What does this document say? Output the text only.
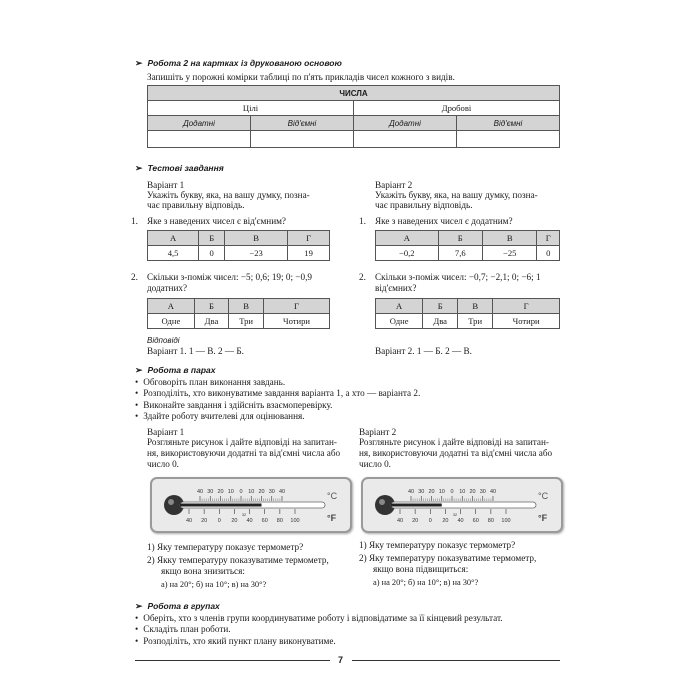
➢ Робота 2 на картках із друкованою основою
Запишіть у порожні комірки таблиці по п'ять прикладів чисел кожного з видів.
ЧИСЛА			
Цілі		Дробові	
Додатні	Від'ємні	Додатні	Від'ємні

➢ Тестові завдання
Варіант 1
Укажіть букву, яка, на вашу думку, позна-
чає правильну відповідь.
1. Яке з наведених чисел є від'ємним?
А	Б	В	Г
4,5	0	−23	19
2. Скільки з-поміж чисел: −5; 0,6; 19; 0; −0,9
додатних?
А	Б	В	Г
Одне	Два	Три	Чотири
Відповіді
Варіант 1. 1 — В. 2 — Б.
Варіант 2
Укажіть букву, яка, на вашу думку, позна-
чає правильну відповідь.
1. Яке з наведених чисел є додатним?
А	Б	В	Г
−0,2	7,6	−25	0
2. Скільки з-поміж чисел: −0,7; −2,1; 0; −6; 1
від'ємних?
А	Б	В	Г
Одне	Два	Три	Чотири
Варіант 2. 1 — Б. 2 — В.
➢ Робота в парах
• Обговоріть план виконання завдань.
• Розподіліть, хто виконуватиме завдання варіанта 1, а хто — варіанта 2.
• Виконайте завдання і здійсніть взаємоперевірку.
• Здайте роботу вчителеві для оцінювання.
Варіант 1
Розгляньте рисунок і дайте відповіді на запитан-
ня, використовуючи додатні та від'ємні числа або
число 0.
40 30 20 10 0 10 20 30 40
40 20 0 20 40 60 80 100
32
°C
°F
1) Яку температуру показує термометр?
2) Якку температуру показуватиме термометр,
якщо вона знизиться:
а) на 20°; б) на 10°; в) на 30°?
Варіант 2
Розгляньте рисунок і дайте відповіді на запитан-
ня, використовуючи додатні та від'ємні числа або
число 0.
40 30 20 10 0 10 20 30 40
40 20 0 20 40 60 80 100
32
°C
°F
1) Яку температуру показує термометр?
2) Яку температуру показуватиме термометр,
якщо вона підвищиться:
а) на 20°; б) на 10°; в) на 30°?
➢ Робота в групах
• Оберіть, хто з членів групи координуватиме роботу і відповідатиме за її кінцевий результат.
• Складіть план роботи.
• Розподіліть, хто який пункт плану виконуватиме.
7
